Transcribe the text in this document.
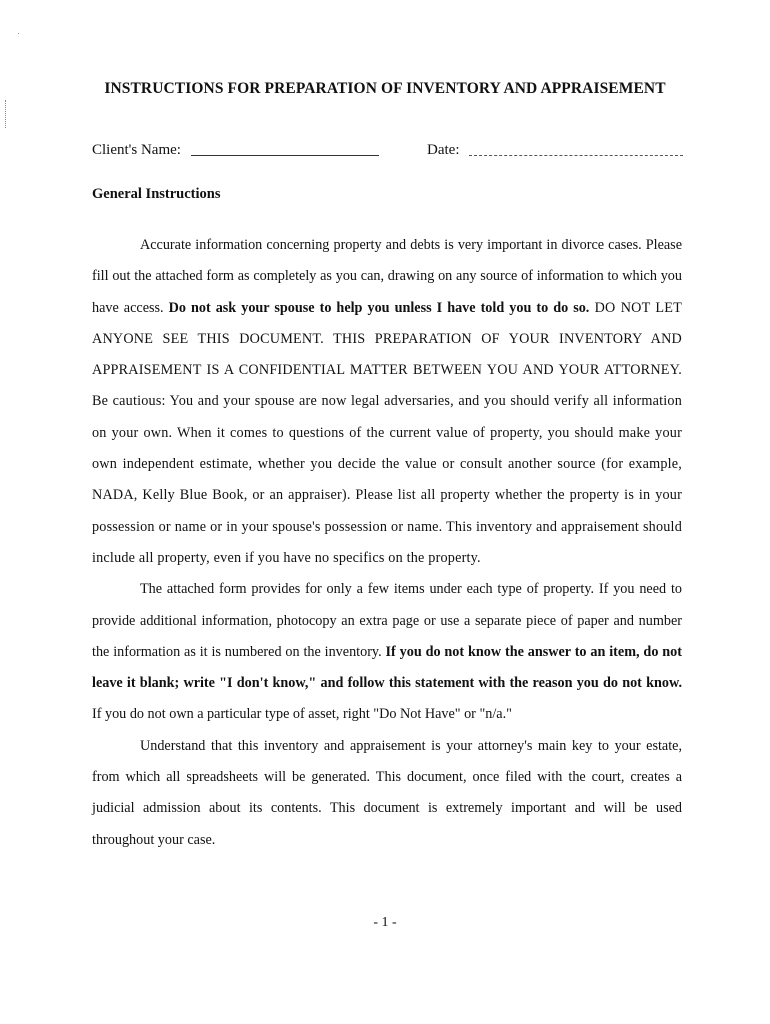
INSTRUCTIONS FOR PREPARATION OF INVENTORY AND APPRAISEMENT
Client's Name:	Date:
General Instructions

Accurate information concerning property and debts is very important in divorce cases. Please fill out the attached form as completely as you can, drawing on any source of information to which you have access. Do not ask your spouse to help you unless I have told you to do so. DO NOT LET ANYONE SEE THIS DOCUMENT. THIS PREPARATION OF YOUR INVENTORY AND APPRAISEMENT IS A CONFIDENTIAL MATTER BETWEEN YOU AND YOUR ATTORNEY. Be cautious: You and your spouse are now legal adversaries, and you should verify all information on your own. When it comes to questions of the current value of property, you should make your own independent estimate, whether you decide the value or consult another source (for example, NADA, Kelly Blue Book, or an appraiser). Please list all property whether the property is in your possession or name or in your spouse's possession or name. This inventory and appraisement should include all property, even if you have no specifics on the property.

The attached form provides for only a few items under each type of property. If you need to provide additional information, photocopy an extra page or use a separate piece of paper and number the information as it is numbered on the inventory. If you do not know the answer to an item, do not leave it blank; write "I don't know," and follow this statement with the reason you do not know. If you do not own a particular type of asset, right "Do Not Have" or "n/a."

Understand that this inventory and appraisement is your attorney's main key to your estate, from which all spreadsheets will be generated. This document, once filed with the court, creates a judicial admission about its contents. This document is extremely important and will be used throughout your case.

- 1 -
